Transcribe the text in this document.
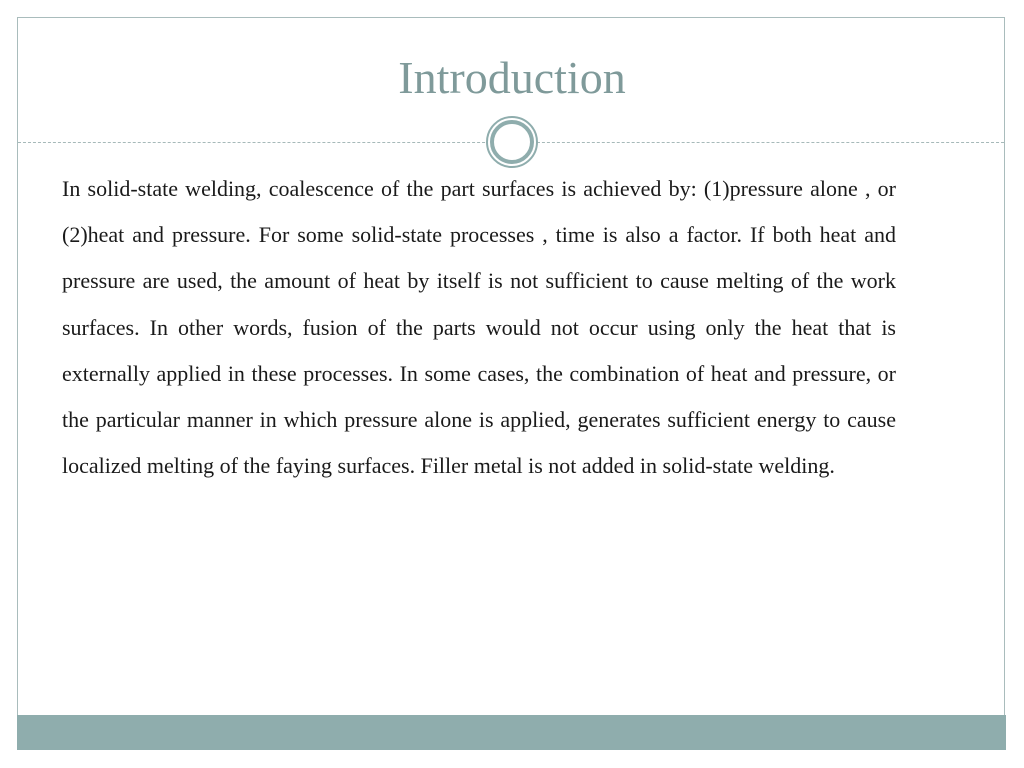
Introduction
In solid-state welding, coalescence of the part surfaces is achieved by: (1)pressure alone , or (2)heat and pressure. For some solid-state processes , time is also a factor. If both heat and pressure are used, the amount of heat by itself is not sufficient to cause melting of the work surfaces. In other words, fusion of the parts would not occur using only the heat that is externally applied in these processes. In some cases, the combination of heat and pressure, or the particular manner in which pressure alone is applied, generates sufficient energy to cause localized melting of the faying surfaces. Filler metal is not added in solid-state welding.
